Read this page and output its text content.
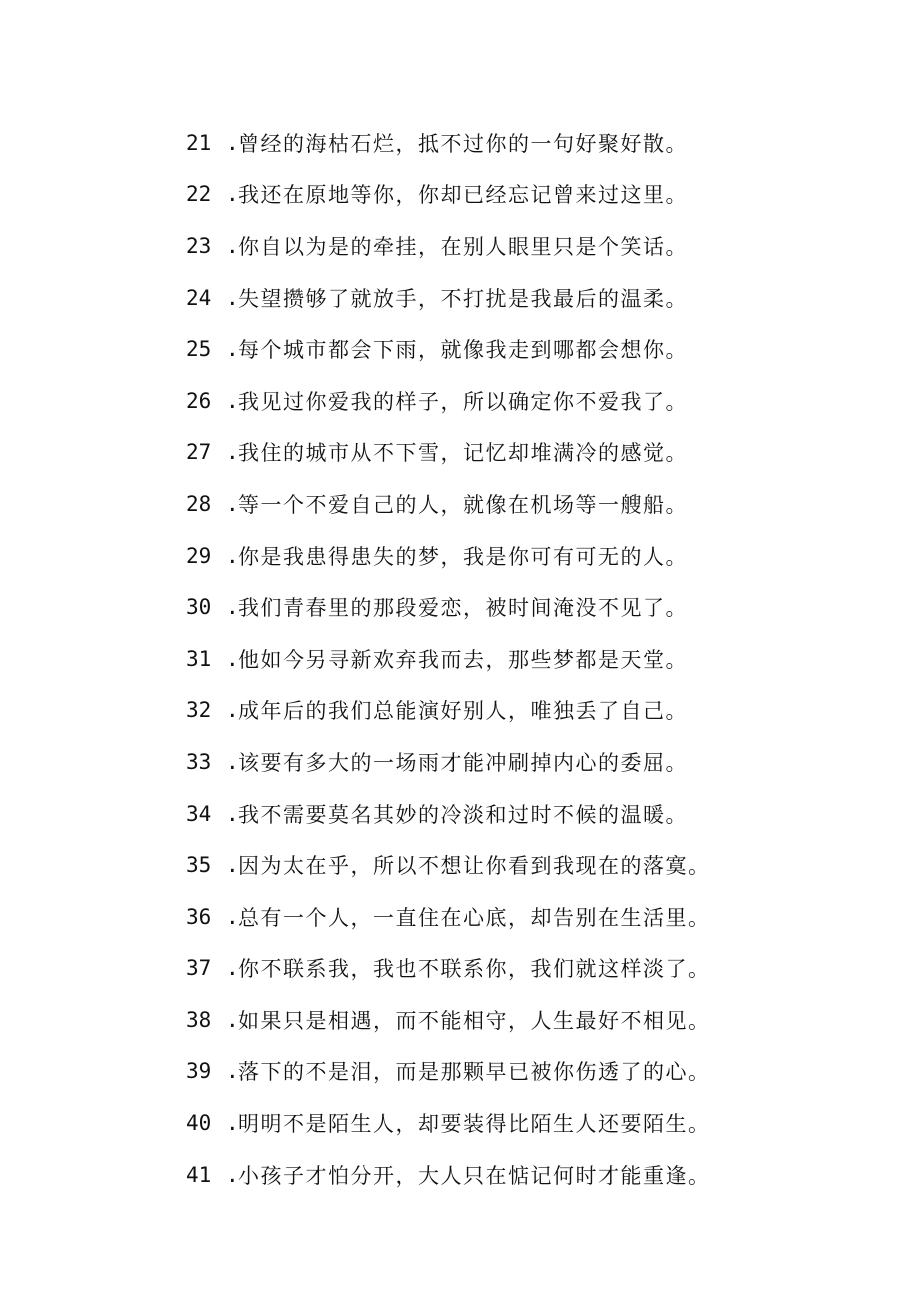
21 . 曾经的海枯石烂，抵不过你的一句好聚好散。
22 . 我还在原地等你，你却已经忘记曾来过这里。
23 . 你自以为是的牵挂，在别人眼里只是个笑话。
24 . 失望攒够了就放手，不打扰是我最后的温柔。
25 . 每个城市都会下雨，就像我走到哪都会想你。
26 . 我见过你爱我的样子，所以确定你不爱我了。
27 . 我住的城市从不下雪，记忆却堆满冷的感觉。
28 . 等一个不爱自己的人，就像在机场等一艘船。
29 . 你是我患得患失的梦，我是你可有可无的人。
30 . 我们青春里的那段爱恋，被时间淹没不见了。
31 . 他如今另寻新欢弃我而去，那些梦都是天堂。
32 . 成年后的我们总能演好别人，唯独丢了自己。
33 . 该要有多大的一场雨才能冲刷掉内心的委屈。
34 . 我不需要莫名其妙的冷淡和过时不候的温暖。
35 . 因为太在乎，所以不想让你看到我现在的落寞。
36 . 总有一个人，一直住在心底，却告别在生活里。
37 . 你不联系我，我也不联系你，我们就这样淡了。
38 . 如果只是相遇，而不能相守，人生最好不相见。
39 . 落下的不是泪，而是那颗早已被你伤透了的心。
40 . 明明不是陌生人，却要装得比陌生人还要陌生。
41 . 小孩子才怕分开，大人只在惦记何时才能重逢。
